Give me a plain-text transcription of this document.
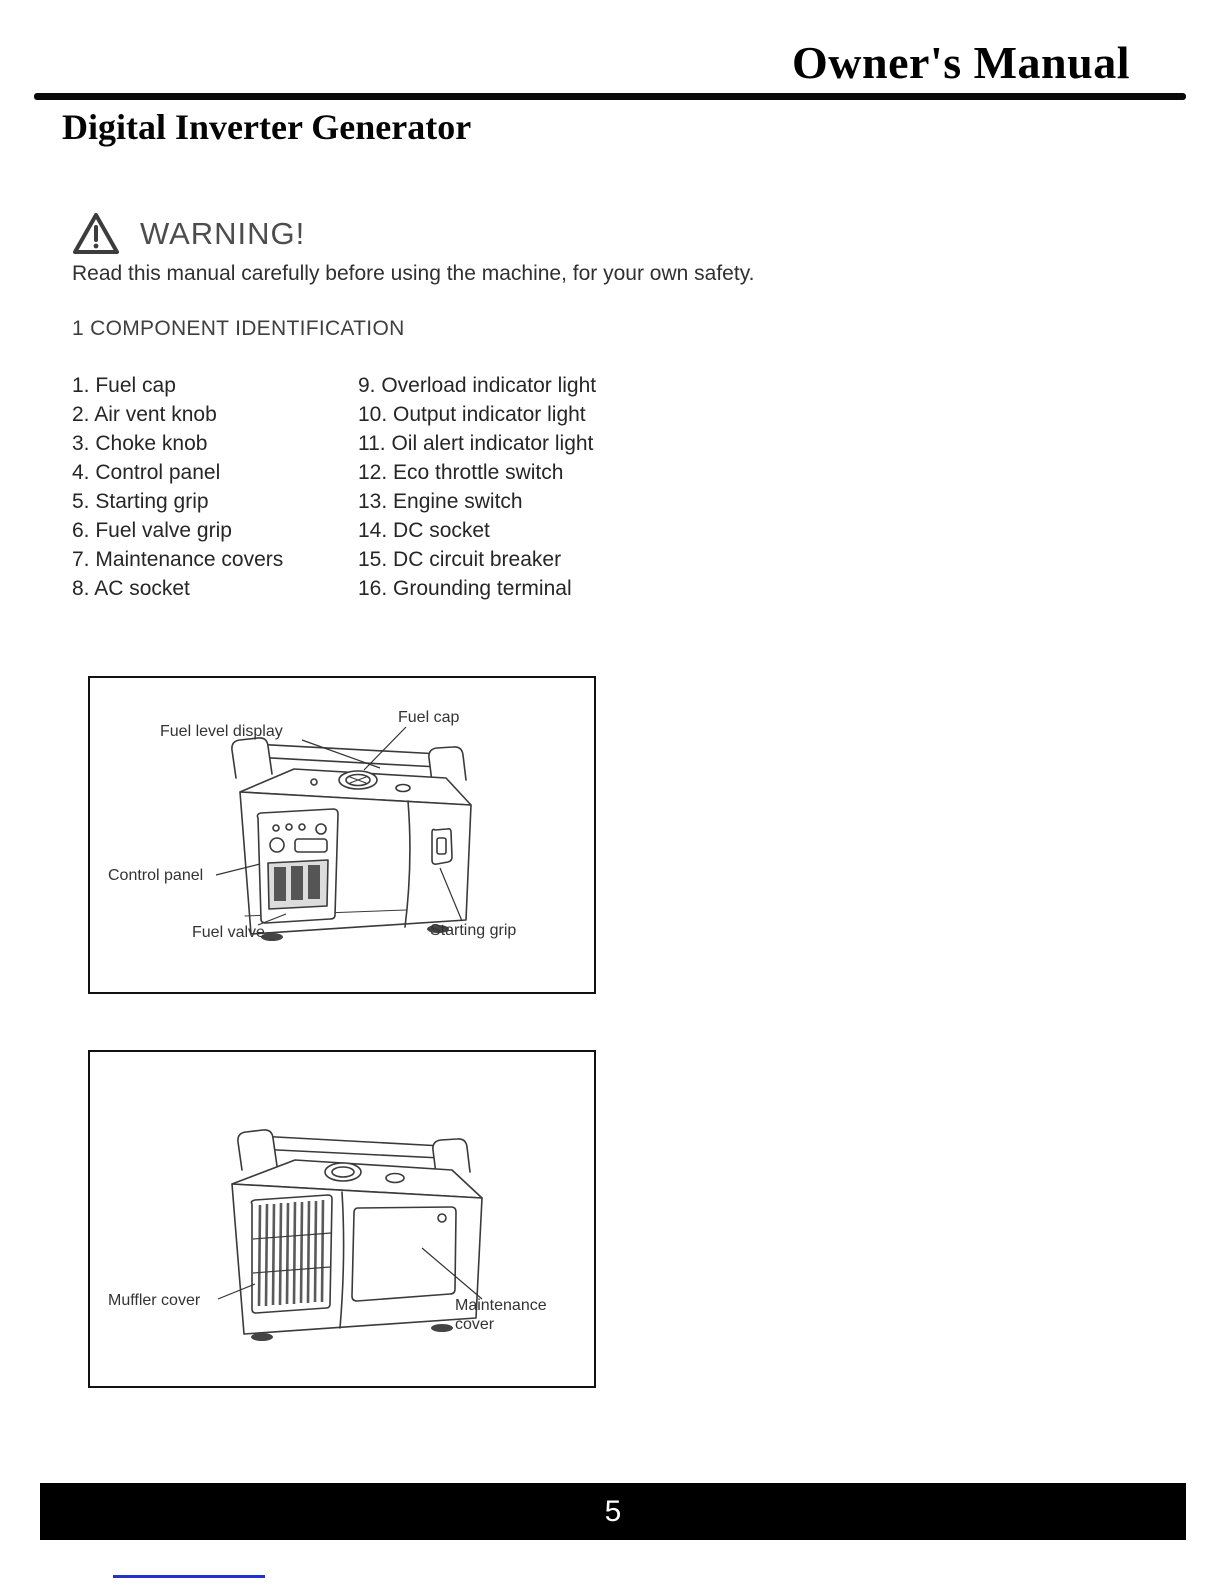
Owner's Manual
Digital Inverter Generator
WARNING!

Read this manual carefully before using the machine, for your own safety.

1 COMPONENT IDENTIFICATION
1. Fuel cap
2. Air vent knob
3. Choke knob
4. Control panel
5. Starting grip
6. Fuel valve grip
7. Maintenance covers
8. AC socket
9. Overload indicator light
10. Output indicator light
11. Oil alert indicator light
12. Eco throttle switch
13. Engine switch
14. DC socket
15. DC circuit breaker
16. Grounding terminal
Fuel level display
Fuel cap
Control panel
Fuel valve	Starting grip
Muffler cover	Maintenance
cover
5
